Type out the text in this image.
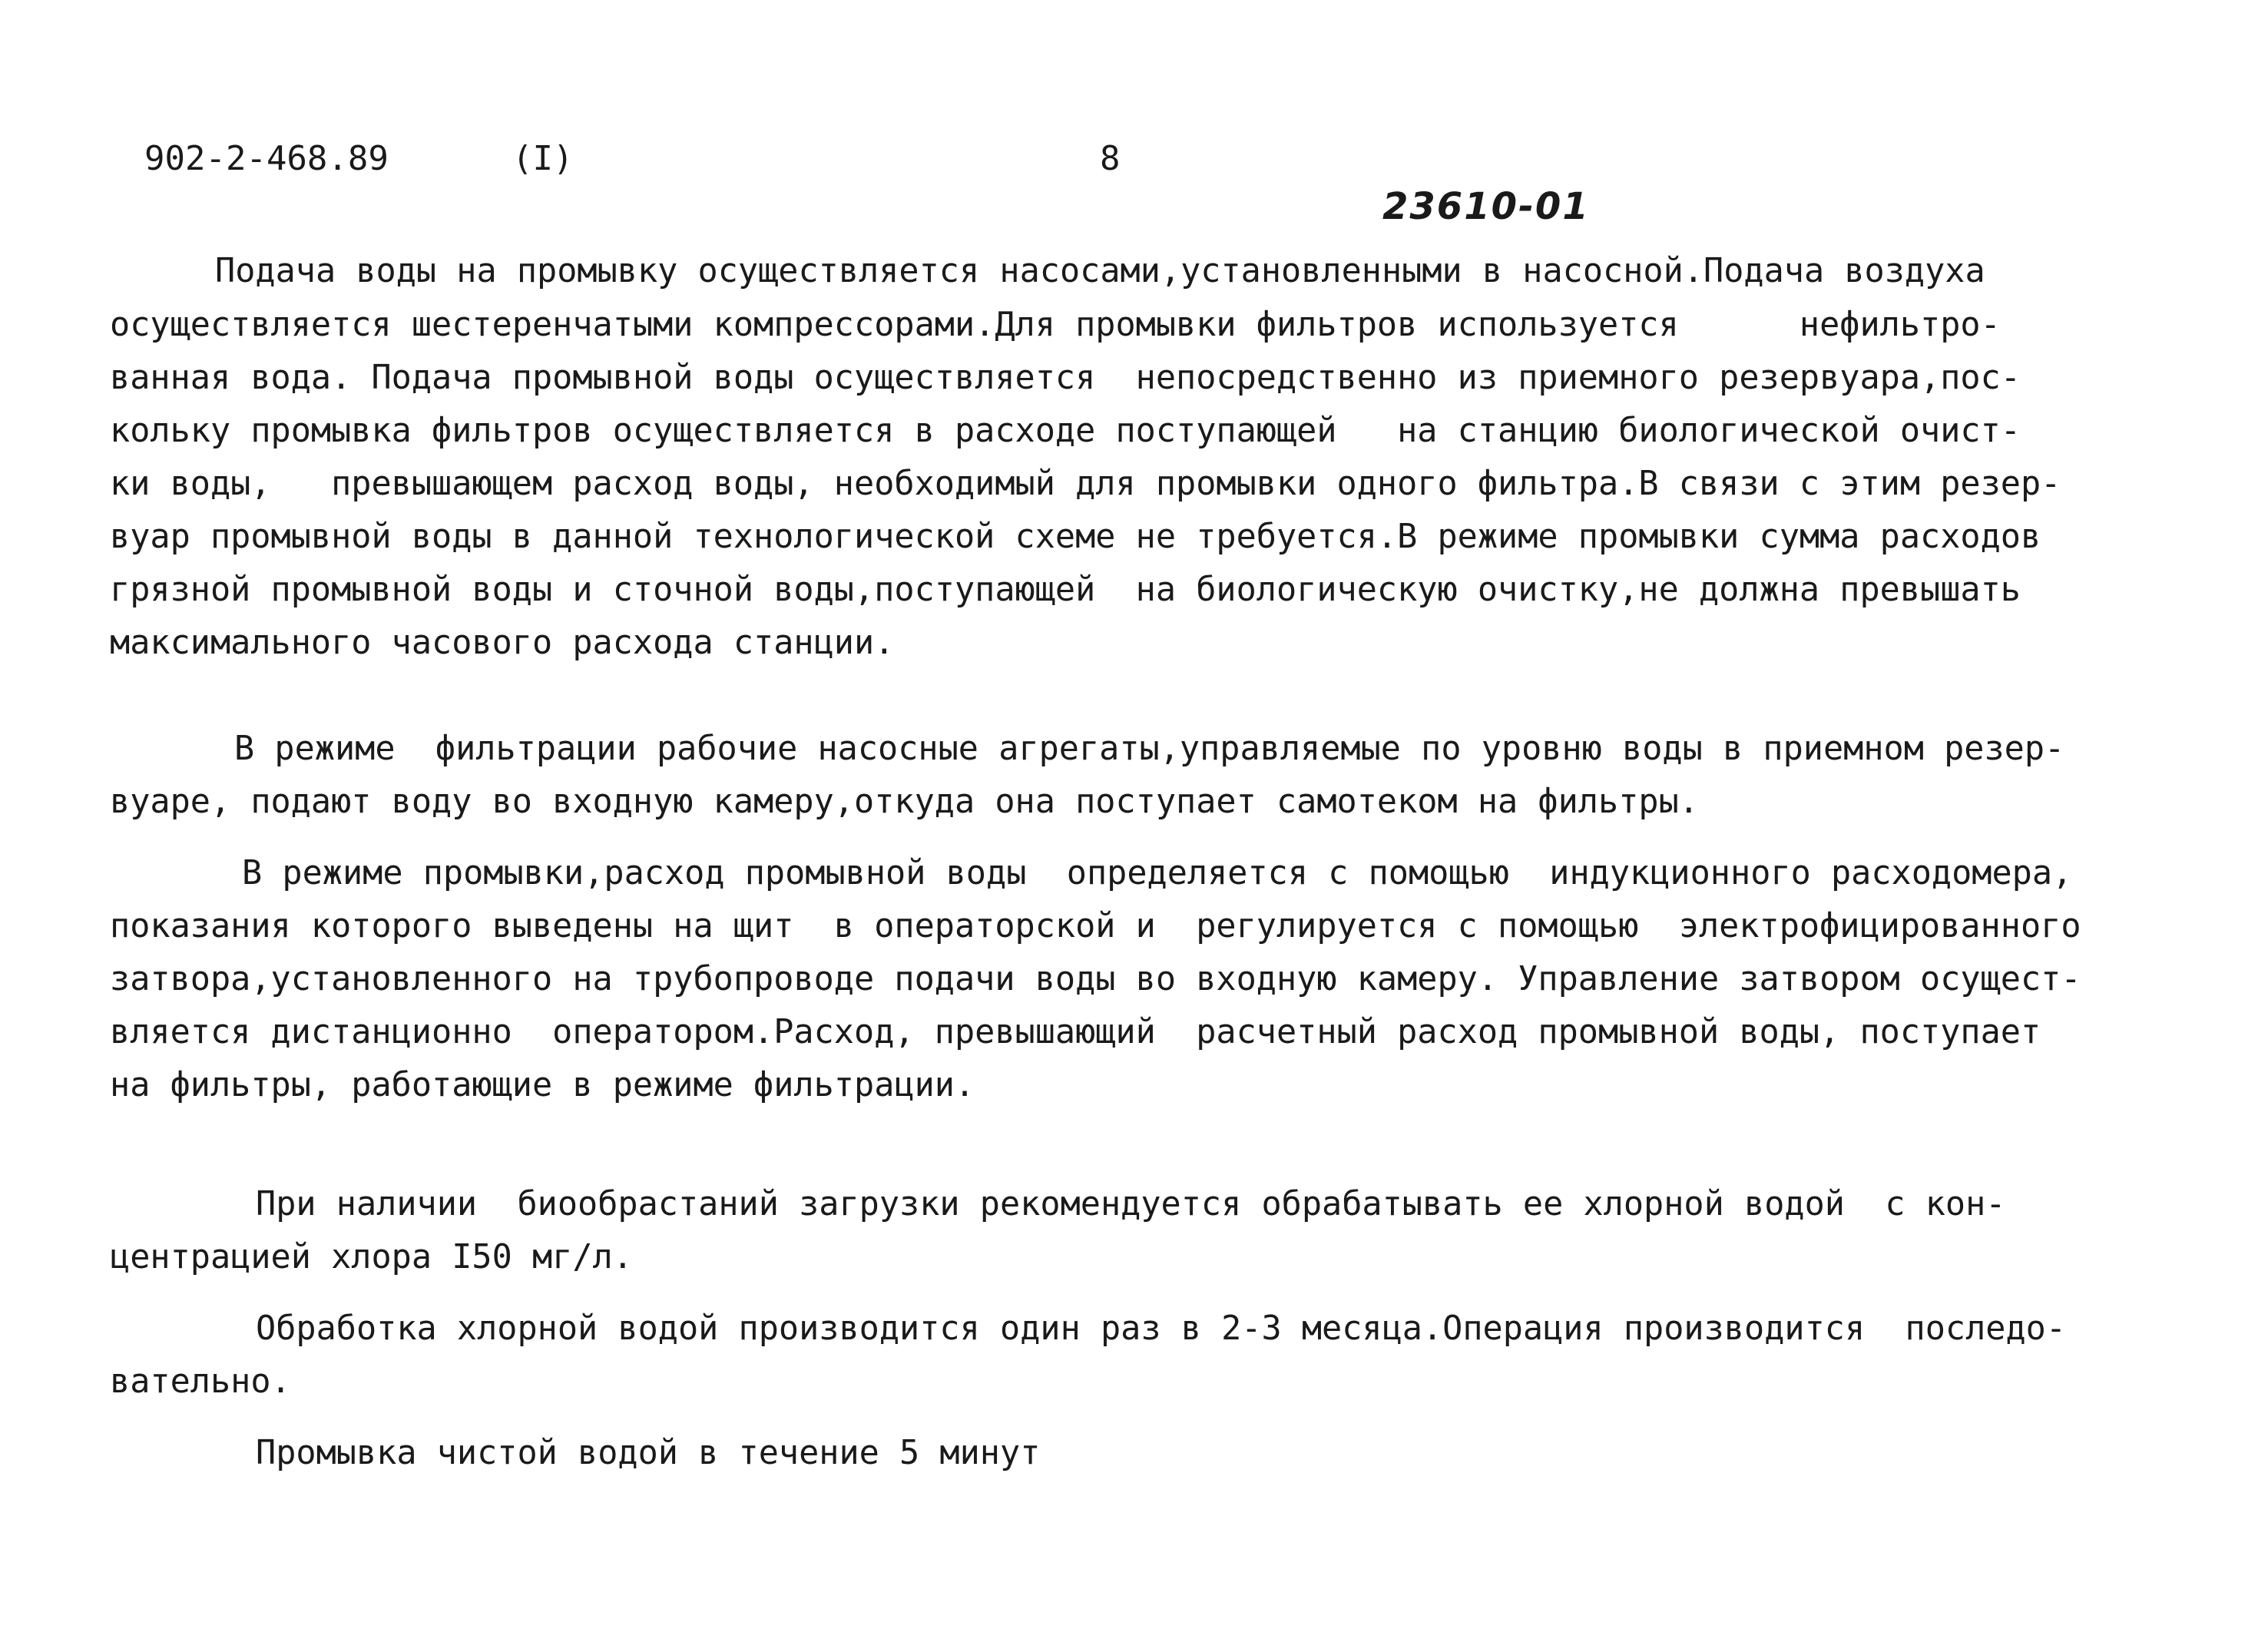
902-2-468.89	(I)	8
23610-01
Подача воды на промывку осуществляется насосами,установленными в насосной.Подача воздуха
осуществляется шестеренчатыми компрессорами.Для промывки фильтров используется      нефильтро-
ванная вода. Подача промывной воды осуществляется  непосредственно из приемного резервуара,пос-
кольку промывка фильтров осуществляется в расходе поступающей   на станцию биологической очист-
ки воды,   превышающем расход воды, необходимый для промывки одного фильтра.В связи с этим резер-
вуар промывной воды в данной технологической схеме не требуется.В режиме промывки сумма расходов
грязной промывной воды и сточной воды,поступающей  на биологическую очистку,не должна превышать
максимального часового расхода станции.
В режиме  фильтрации рабочие насосные агрегаты,управляемые по уровню воды в приемном резер-
вуаре, подают воду во входную камеру,откуда она поступает самотеком на фильтры.
В режиме промывки,расход промывной воды  определяется с помощью  индукционного расходомера,
показания которого выведены на щит  в операторской и  регулируется с помощью  электрофицированного
затвора,установленного на трубопроводе подачи воды во входную камеру. Управление затвором осущест-
вляется дистанционно  оператором.Расход, превышающий  расчетный расход промывной воды, поступает
на фильтры, работающие в режиме фильтрации.
При наличии  биообрастаний загрузки рекомендуется обрабатывать ее хлорной водой  с кон-
центрацией хлора I50 мг/л.
Обработка хлорной водой производится один раз в 2-3 месяца.Операция производится  последо-
вательно.
Промывка чистой водой в течение 5 минут
